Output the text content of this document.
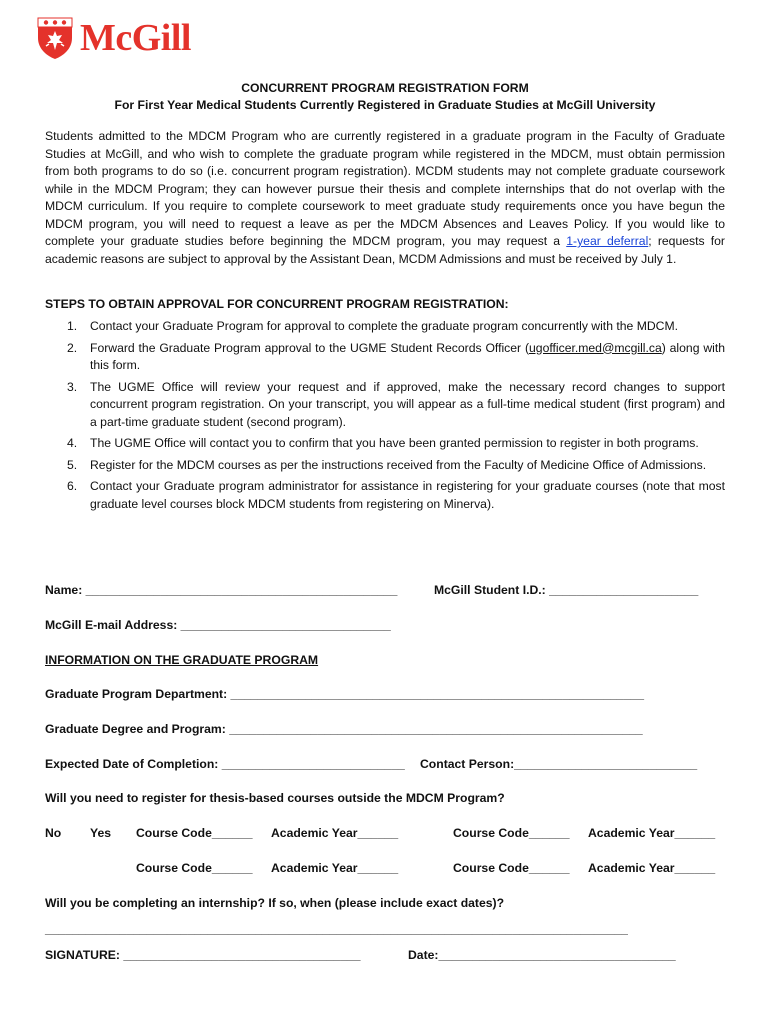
McGill
CONCURRENT PROGRAM REGISTRATION FORM
For First Year Medical Students Currently Registered in Graduate Studies at McGill University
Students admitted to the MDCM Program who are currently registered in a graduate program in the Faculty of Graduate Studies at McGill, and who wish to complete the graduate program while registered in the MDCM, must obtain permission from both programs to do so (i.e. concurrent program registration). MCDM students may not complete graduate coursework while in the MDCM Program; they can however pursue their thesis and complete internships that do not overlap with the MDCM curriculum. If you require to complete coursework to meet graduate study requirements once you have begun the MDCM program, you will need to request a leave as per the MDCM Absences and Leaves Policy. If you would like to complete your graduate studies before beginning the MDCM program, you may request a 1-year deferral; requests for academic reasons are subject to approval by the Assistant Dean, MCDM Admissions and must be received by July 1.
STEPS TO OBTAIN APPROVAL FOR CONCURRENT PROGRAM REGISTRATION:
1. Contact your Graduate Program for approval to complete the graduate program concurrently with the MDCM.
2. Forward the Graduate Program approval to the UGME Student Records Officer (ugofficer.med@mcgill.ca) along with this form.
3. The UGME Office will review your request and if approved, make the necessary record changes to support concurrent program registration. On your transcript, you will appear as a full-time medical student (first program) and a part-time graduate student (second program).
4. The UGME Office will contact you to confirm that you have been granted permission to register in both programs.
5. Register for the MDCM courses as per the instructions received from the Faculty of Medicine Office of Admissions.
6. Contact your Graduate program administrator for assistance in registering for your graduate courses (note that most graduate level courses block MDCM students from registering on Minerva).
Name: ______________________________________________	McGill Student I.D.: ______________________
McGill E-mail Address: _______________________________
INFORMATION ON THE GRADUATE PROGRAM
Graduate Program Department: _____________________________________________________________
Graduate Degree and Program: _____________________________________________________________
Expected Date of Completion: ___________________________ Contact Person:___________________________
Will you need to register for thesis-based courses outside the MDCM Program?
No Yes Course Code______ Academic Year______	Course Code______ Academic Year______
Course Code______ Academic Year______	Course Code______ Academic Year______
Will you be completing an internship? If so, when (please include exact dates)?
______________________________________________________________________________________
SIGNATURE: ___________________________________	Date:___________________________________
